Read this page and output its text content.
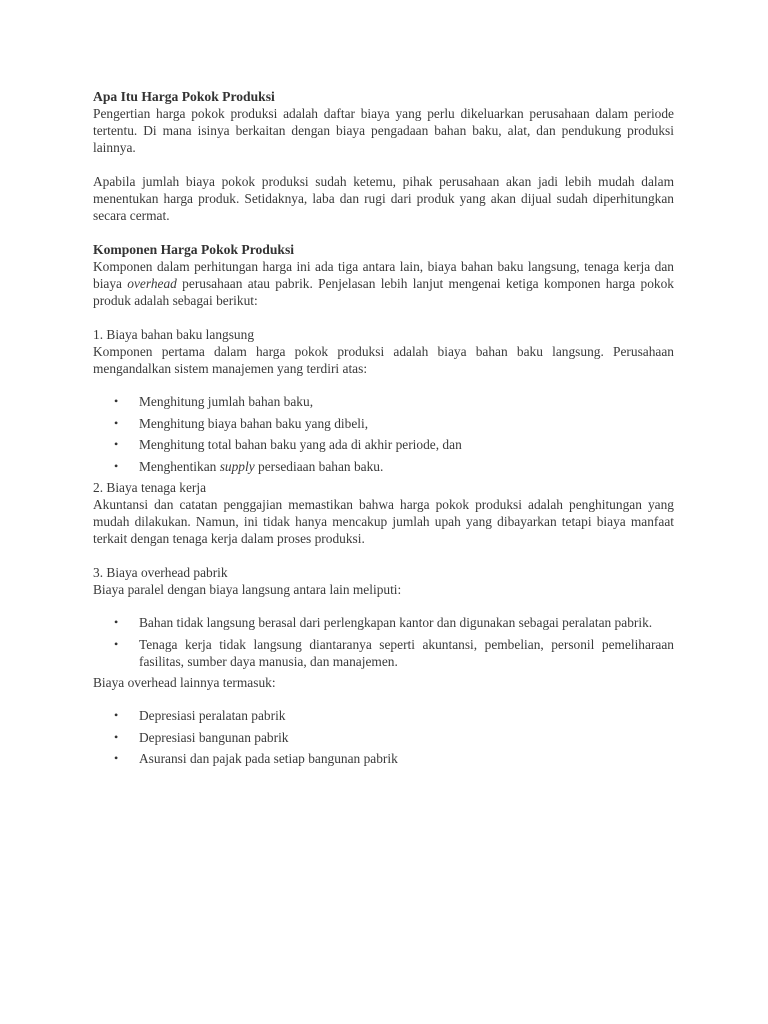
Apa Itu Harga Pokok Produksi

Pengertian harga pokok produksi adalah daftar biaya yang perlu dikeluarkan perusahaan dalam periode tertentu. Di mana isinya berkaitan dengan biaya pengadaan bahan baku, alat, dan pendukung produksi lainnya.

Apabila jumlah biaya pokok produksi sudah ketemu, pihak perusahaan akan jadi lebih mudah dalam menentukan harga produk. Setidaknya, laba dan rugi dari produk yang akan dijual sudah diperhitungkan secara cermat.

Komponen Harga Pokok Produksi

Komponen dalam perhitungan harga ini ada tiga antara lain, biaya bahan baku langsung, tenaga kerja dan biaya overhead perusahaan atau pabrik. Penjelasan lebih lanjut mengenai ketiga komponen harga pokok produk adalah sebagai berikut:

1. Biaya bahan baku langsung

Komponen pertama dalam harga pokok produksi adalah biaya bahan baku langsung. Perusahaan mengandalkan sistem manajemen yang terdiri atas:

• Menghitung jumlah bahan baku,
• Menghitung biaya bahan baku yang dibeli,
• Menghitung total bahan baku yang ada di akhir periode, dan
• Menghentikan supply persediaan bahan baku.

2. Biaya tenaga kerja

Akuntansi dan catatan penggajian memastikan bahwa harga pokok produksi adalah penghitungan yang mudah dilakukan. Namun, ini tidak hanya mencakup jumlah upah yang dibayarkan tetapi biaya manfaat terkait dengan tenaga kerja dalam proses produksi.

3. Biaya overhead pabrik

Biaya paralel dengan biaya langsung antara lain meliputi:

• Bahan tidak langsung berasal dari perlengkapan kantor dan digunakan sebagai peralatan pabrik.
• Tenaga kerja tidak langsung diantaranya seperti akuntansi, pembelian, personil pemeliharaan fasilitas, sumber daya manusia, dan manajemen.

Biaya overhead lainnya termasuk:

• Depresiasi peralatan pabrik
• Depresiasi bangunan pabrik
• Asuransi dan pajak pada setiap bangunan pabrik
